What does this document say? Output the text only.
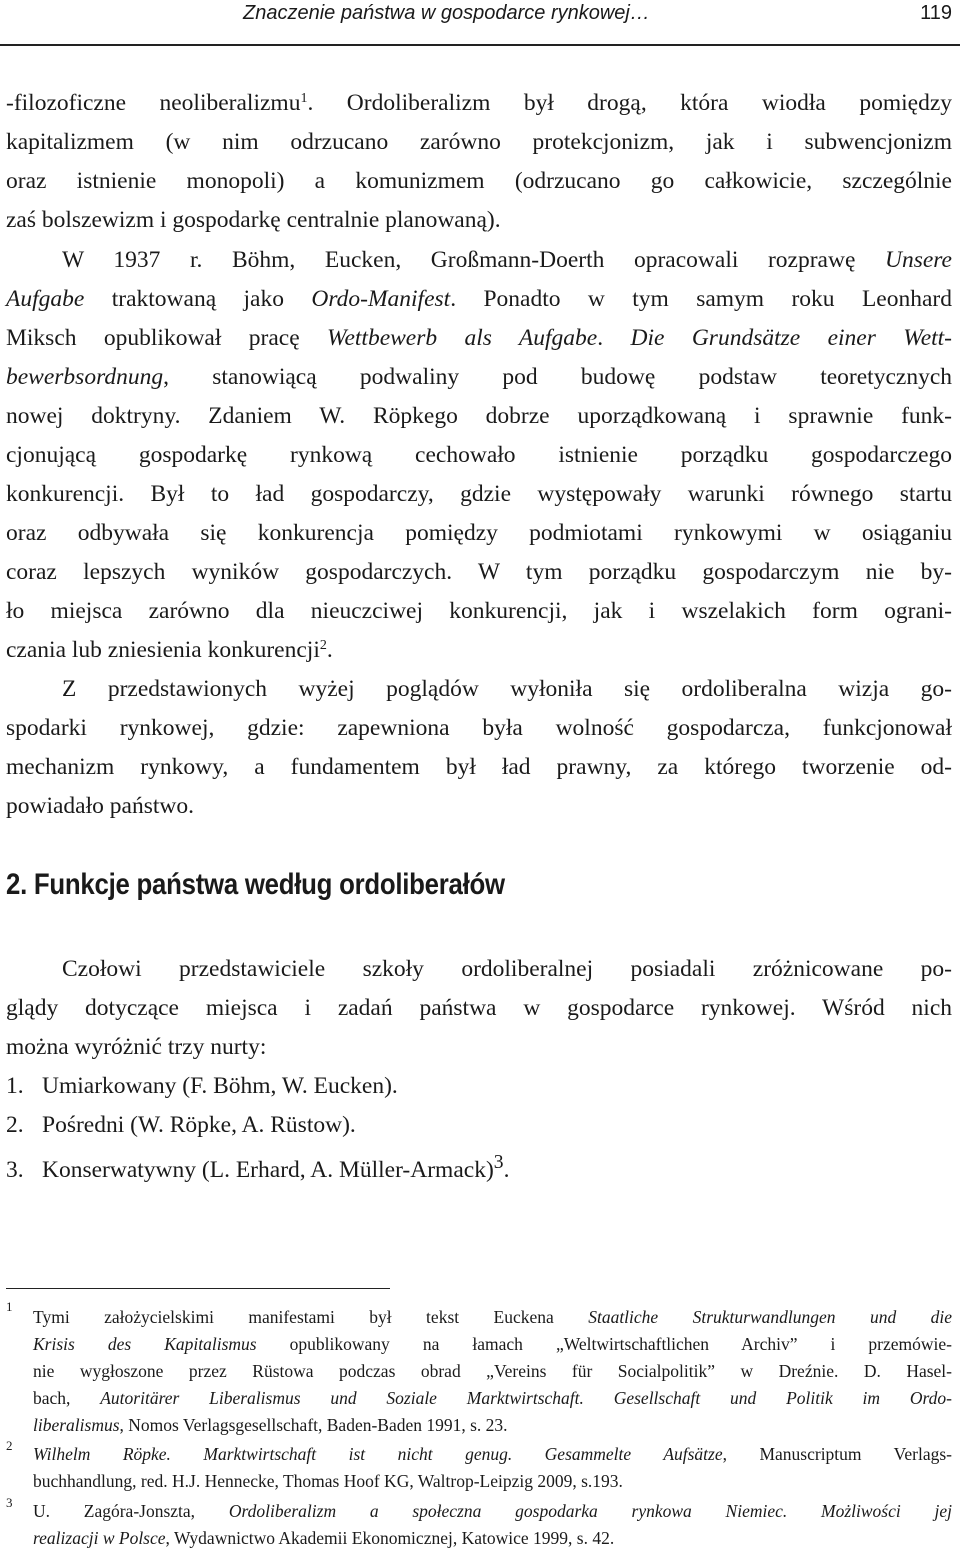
Znaczenie państwa w gospodarce rynkowej…	119
-filozoficzne neoliberalizmu$^1$. Ordoliberalizm był drogą, która wiodła pomiędzy
kapitalizmem (w nim odrzucano zarówno protekcjonizm, jak i subwencjonizm
oraz istnienie monopoli) a komunizmem (odrzucano go całkowicie, szczególnie
zaś bolszewizm i gospodarkę centralnie planowaną).
W 1937 r. Böhm, Eucken, Großmann-Doerth opracowali rozprawę Unsere
Aufgabe traktowaną jako Ordo-Manifest. Ponadto w tym samym roku Leonhard
Miksch opublikował pracę Wettbewerb als Aufgabe. Die Grundsätze einer Wett-
bewerbsordnung, stanowiącą podwaliny pod budowę podstaw teoretycznych
nowej doktryny. Zdaniem W. Röpkego dobrze uporządkowaną i sprawnie funk-
cjonującą gospodarkę rynkową cechowało istnienie porządku gospodarczego
konkurencji. Był to ład gospodarczy, gdzie występowały warunki równego startu
oraz odbywała się konkurencja pomiędzy podmiotami rynkowymi w osiąganiu
coraz lepszych wyników gospodarczych. W tym porządku gospodarczym nie by-
ło miejsca zarówno dla nieuczciwej konkurencji, jak i wszelakich form ograni-
czania lub zniesienia konkurencji$^2$.
Z przedstawionych wyżej poglądów wyłoniła się ordoliberalna wizja go-
spodarki rynkowej, gdzie: zapewniona była wolność gospodarcza, funkcjonował
mechanizm rynkowy, a fundamentem był ład prawny, za którego tworzenie od-
powiadało państwo.
2. Funkcje państwa według ordoliberałów
Czołowi przedstawiciele szkoły ordoliberalnej posiadali zróżnicowane po-
glądy dotyczące miejsca i zadań państwa w gospodarce rynkowej. Wśród nich
można wyróżnić trzy nurty:
1. Umiarkowany (F. Böhm, W. Eucken).
2. Pośredni (W. Röpke, A. Rüstow).
3. Konserwatywny (L. Erhard, A. Müller-Armack)$^3$.
1
Tymi założycielskimi manifestami był tekst Euckena Staatliche Strukturwandlungen und die
Krisis des Kapitalismus opublikowany na łamach „Weltwirtschaftlichen Archiv” i przemówie-
nie wygłoszone przez Rüstowa podczas obrad „Vereins für Socialpolitik” w Dreźnie. D. Hasel-
bach, Autoritärer Liberalismus und Soziale Marktwirtschaft. Gesellschaft und Politik im Ordo-
liberalismus, Nomos Verlagsgesellschaft, Baden-Baden 1991, s. 23.
2 Wilhelm Röpke. Marktwirtschaft ist nicht genug. Gesammelte Aufsätze, Manuscriptum Verlags-
buchhandlung, red. H.J. Hennecke, Thomas Hoof KG, Waltrop-Leipzig 2009, s.193.
3 U. Zagóra-Jonszta, Ordoliberalizm a społeczna gospodarka rynkowa Niemiec. Możliwości jej
realizacji w Polsce, Wydawnictwo Akademii Ekonomicznej, Katowice 1999, s. 42.
